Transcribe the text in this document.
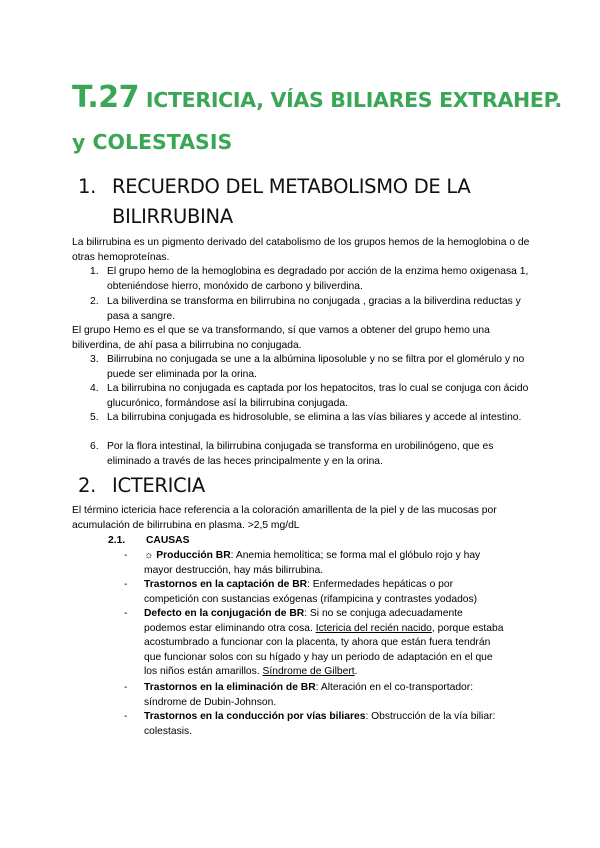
T.27 ICTERICIA, VÍAS BILIARES EXTRAHEP.
y COLESTASIS
1. RECUERDO DEL METABOLISMO DE LA
BILIRRUBINA
La bilirrubina es un pigmento derivado del catabolismo de los grupos hemos de la hemoglobina o de otras hemoproteínas.
1. El grupo hemo de la hemoglobina es degradado por acción de la enzima hemo oxigenasa 1, obteniéndose hierro, monóxido de carbono y biliverdina.
2. La biliverdina se transforma en bilirrubina no conjugada , gracias a la biliverdina reductas y pasa a sangre.
El grupo Hemo es el que se va transformando, sí que vamos a obtener del grupo hemo una biliverdina, de ahí pasa a bilirrubina no conjugada.
3. Bilirrubina no conjugada se une a la albúmina liposoluble y no se filtra por el glomérulo y no puede ser eliminada por la orina.
4. La bilirrubina no conjugada es captada por los hepatocitos, tras lo cual se conjuga con ácido glucurónico, formándose así la bilirrubina conjugada.
5. La bilirrubina conjugada es hidrosoluble, se elimina a las vías biliares y accede al intestino.
6. Por la flora intestinal, la bilirrubina conjugada se transforma en urobilinógeno, que es eliminado a través de las heces principalmente y en la orina.
2. ICTERICIA
El término ictericia hace referencia a la coloración amarillenta de la piel y de las mucosas por acumulación de bilirrubina en plasma. >2,5 mg/dL
2.1. CAUSAS
-	☼ Producción BR: Anemia hemolítica; se forma mal el glóbulo rojo y hay mayor destrucción, hay más bilirrubina.
-	Trastornos en la captación de BR: Enfermedades hepáticas o por competición con sustancias exógenas (rifampicina y contrastes yodados)
-	Defecto en la conjugación de BR: Si no se conjuga adecuadamente podemos estar eliminando otra cosa. Ictericia del recién nacido, porque estaba acostumbrado a funcionar con la placenta, ty ahora que están fuera tendrán que funcionar solos con su hígado y hay un periodo de adaptación en el que los niños están amarillos. Síndrome de Gilbert.
-	Trastornos en la eliminación de BR: Alteración en el co-transportador: síndrome de Dubin-Johnson.
-	Trastornos en la conducción por vías biliares: Obstrucción de la vía biliar: colestasis.
